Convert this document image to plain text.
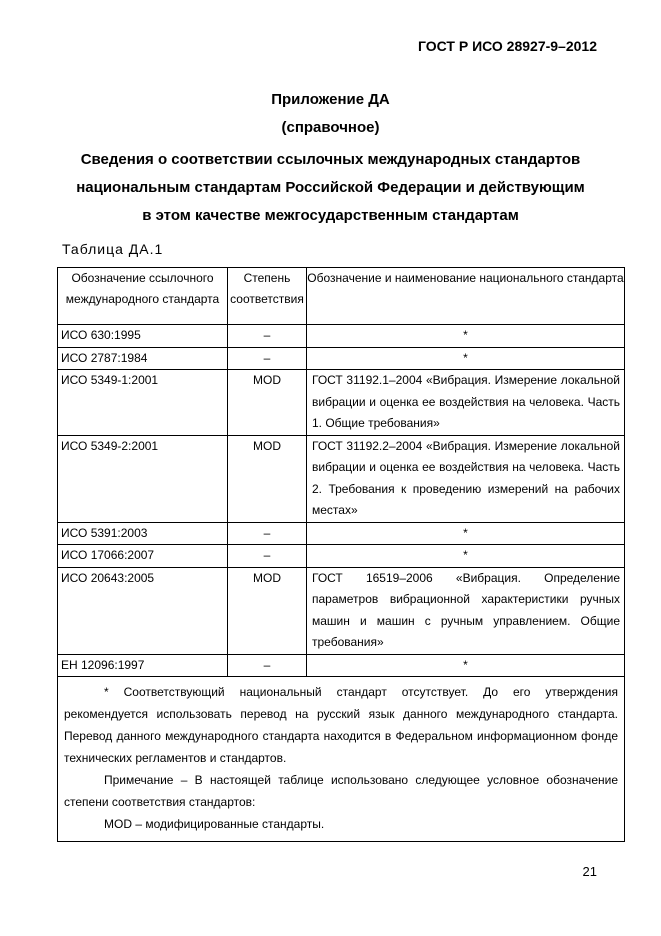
ГОСТ Р ИСО 28927-9–2012
Приложение ДА
(справочное)
Сведения о соответствии ссылочных международных стандартов
национальным стандартам Российской Федерации и действующим
в этом качестве межгосударственным стандартам
Таблица ДА.1
Обозначение ссылочного международного стандарта	Степень соответствия	Обозначение и наименование национального стандарта
ИСО 630:1995	–	*
ИСО 2787:1984	–	*
ИСО 5349-1:2001	MOD	ГОСТ 31192.1–2004 «Вибрация. Измерение локальной вибрации и оценка ее воздействия на человека. Часть 1. Общие требования»
ИСО 5349-2:2001	MOD	ГОСТ 31192.2–2004 «Вибрация. Измерение локальной вибрации и оценка ее воздействия на человека. Часть 2. Требования к проведению измерений на рабочих местах»
ИСО 5391:2003	–	*
ИСО 17066:2007	–	*
ИСО 20643:2005	MOD	ГОСТ 16519–2006 «Вибрация. Определение параметров вибрационной характеристики ручных машин и машин с ручным управлением. Общие требования»
ЕН 12096:1997	–	*

* Соответствующий национальный стандарт отсутствует. До его утверждения рекомендуется использовать перевод на русский язык данного международного стандарта. Перевод данного международного стандарта находится в Федеральном информационном фонде технических регламентов и стандартов.

Примечание – В настоящей таблице использовано следующее условное обозначение степени соответствия стандартов:

MOD – модифицированные стандарты.		

21
